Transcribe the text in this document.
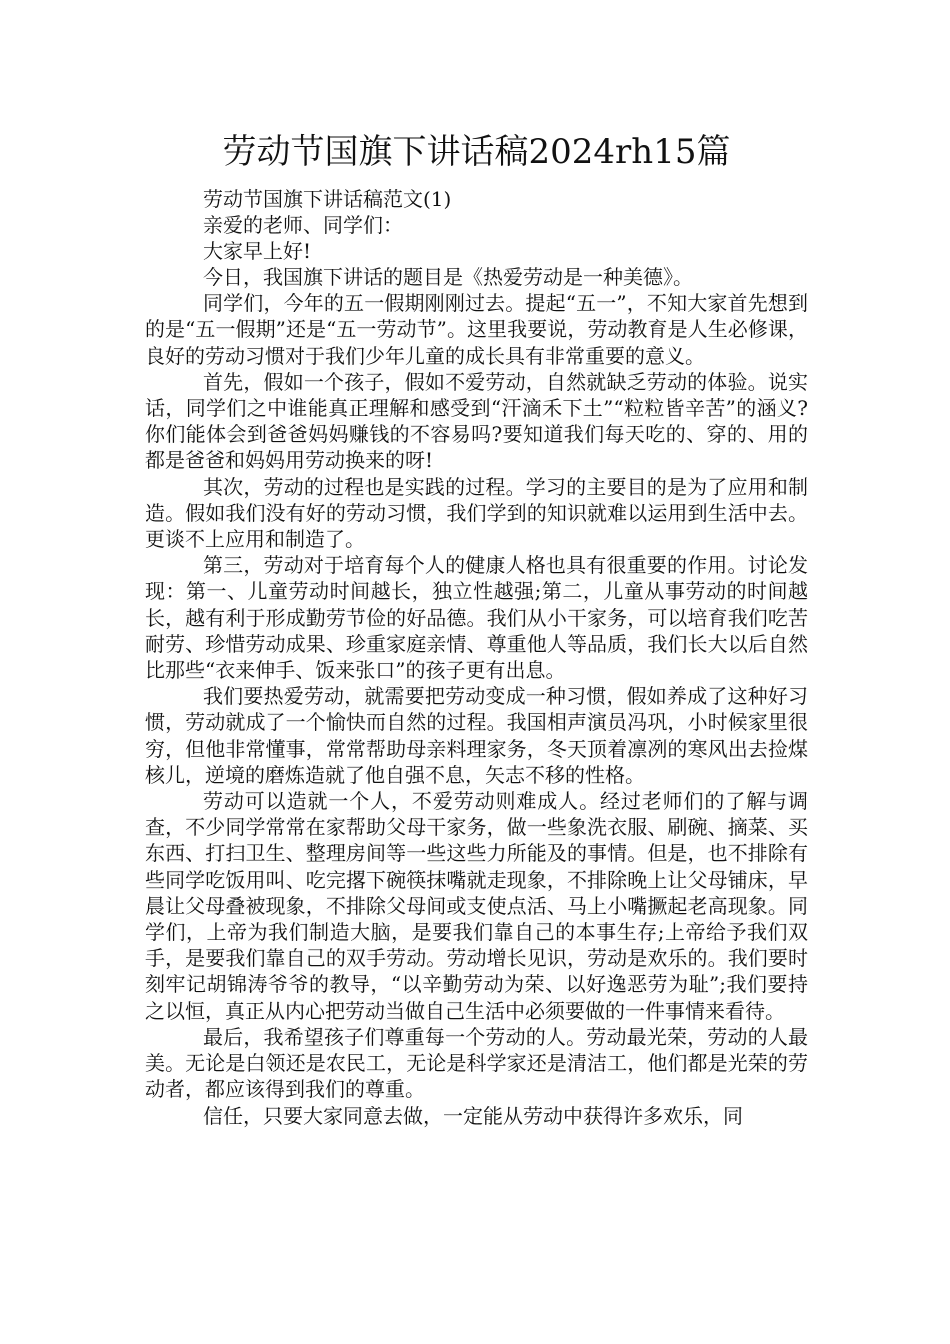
劳动节国旗下讲话稿2024rh15篇

劳动节国旗下讲话稿范文(1)

亲爱的老师、同学们：

大家早上好!

今日，我国旗下讲话的题目是《热爱劳动是一种美德》。

同学们，今年的五一假期刚刚过去。提起“五一”，不知大家首先想到的是“五一假期”还是“五一劳动节”。这里我要说，劳动教育是人生必修课，良好的劳动习惯对于我们少年儿童的成长具有非常重要的意义。

首先，假如一个孩子，假如不爱劳动，自然就缺乏劳动的体验。说实话，同学们之中谁能真正理解和感受到“汗滴禾下土”“粒粒皆辛苦”的涵义?你们能体会到爸爸妈妈赚钱的不容易吗?要知道我们每天吃的、穿的、用的都是爸爸和妈妈用劳动换来的呀!

其次，劳动的过程也是实践的过程。学习的主要目的是为了应用和制造。假如我们没有好的劳动习惯，我们学到的知识就难以运用到生活中去。更谈不上应用和制造了。

第三，劳动对于培育每个人的健康人格也具有很重要的作用。讨论发现：第一、儿童劳动时间越长，独立性越强;第二，儿童从事劳动的时间越长，越有利于形成勤劳节俭的好品德。我们从小干家务，可以培育我们吃苦耐劳、珍惜劳动成果、珍重家庭亲情、尊重他人等品质，我们长大以后自然比那些“衣来伸手、饭来张口”的孩子更有出息。

我们要热爱劳动，就需要把劳动变成一种习惯，假如养成了这种好习惯，劳动就成了一个愉快而自然的过程。我国相声演员冯巩，小时候家里很穷，但他非常懂事，常常帮助母亲料理家务，冬天顶着凛冽的寒风出去捡煤核儿，逆境的磨炼造就了他自强不息，矢志不移的性格。

劳动可以造就一个人，不爱劳动则难成人。经过老师们的了解与调查，不少同学常常在家帮助父母干家务，做一些象洗衣服、刷碗、摘菜、买东西、打扫卫生、整理房间等一些这些力所能及的事情。但是，也不排除有些同学吃饭用叫、吃完撂下碗筷抹嘴就走现象，不排除晚上让父母铺床，早晨让父母叠被现象，不排除父母间或支使点活、马上小嘴撅起老高现象。同学们，上帝为我们制造大脑，是要我们靠自己的本事生存;上帝给予我们双手，是要我们靠自己的双手劳动。劳动增长见识，劳动是欢乐的。我们要时刻牢记胡锦涛爷爷的教导，“以辛勤劳动为荣、以好逸恶劳为耻”;我们要持之以恒，真正从内心把劳动当做自己生活中必须要做的一件事情来看待。

最后，我希望孩子们尊重每一个劳动的人。劳动最光荣，劳动的人最美。无论是白领还是农民工，无论是科学家还是清洁工，他们都是光荣的劳动者，都应该得到我们的尊重。

信任，只要大家同意去做，一定能从劳动中获得许多欢乐，同
